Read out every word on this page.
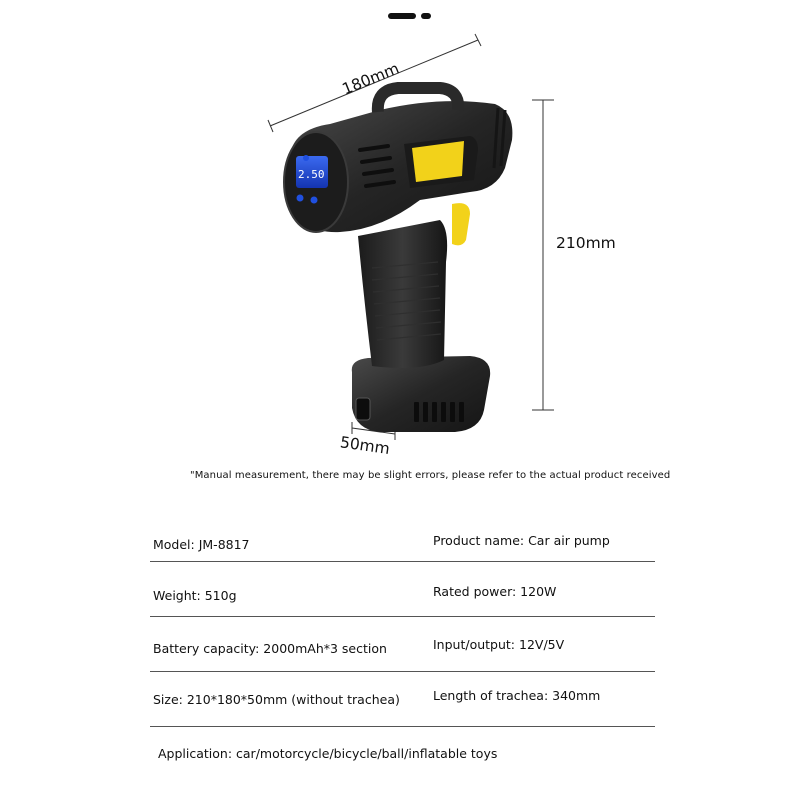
180mm
210mm
50mm
2.50
"Manual measurement, there may be slight errors, please refer to the actual product received
Model: JM-8817	Product name: Car air pump
Weight: 510g	Rated power: 120W
Battery capacity: 2000mAh*3 section	Input/output: 12V/5V
Size: 210*180*50mm (without trachea)	Length of trachea: 340mm
Application: car/motorcycle/bicycle/ball/inflatable toys
